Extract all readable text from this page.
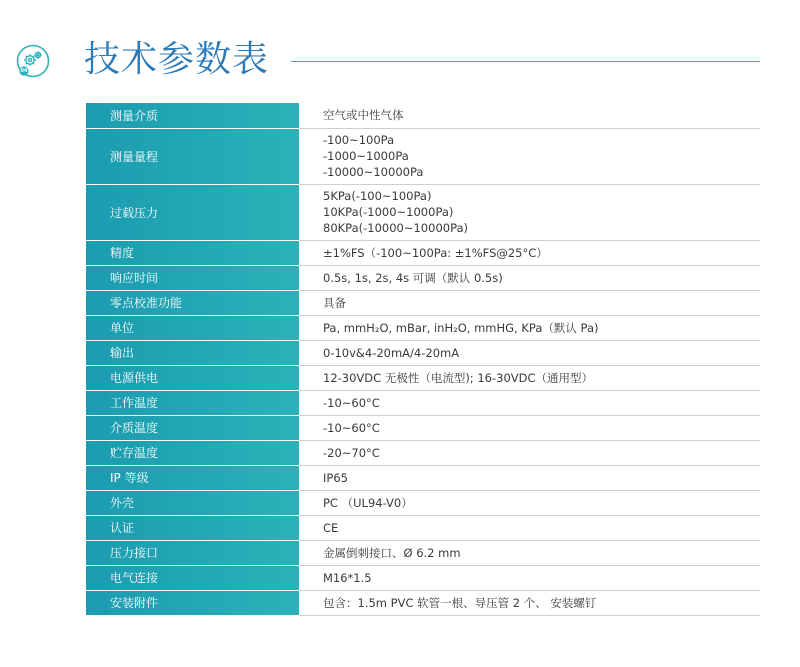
04 技术参数表
测量介质	空气或中性气体

测量量程	-100~100Pa
-1000~1000Pa
-10000~10000Pa

过载压力	5KPa(-100~100Pa)
10KPa(-1000~1000Pa)
80KPa(-10000~10000Pa)

精度	±1%FS（-100~100Pa: ±1%FS@25°C）

响应时间	0.5s, 1s, 2s, 4s 可调（默认 0.5s)

零点校准功能	具备

单位	Pa, mmH₂O, mBar, inH₂O, mmHG, KPa（默认 Pa)

输出	0-10v&4-20mA/4-20mA

电源供电	12-30VDC 无极性（电流型); 16-30VDC（通用型）

工作温度	-10~60°C

介质温度	-10~60°C

贮存温度	-20~70°C

IP 等级	IP65

外壳	PC （UL94-V0）

认证	CE

压力接口	金属倒刺接口、Ø 6.2 mm

电气连接	M16*1.5

安装附件	包含：1.5m PVC 软管一根、导压管 2 个、 安装螺钉
